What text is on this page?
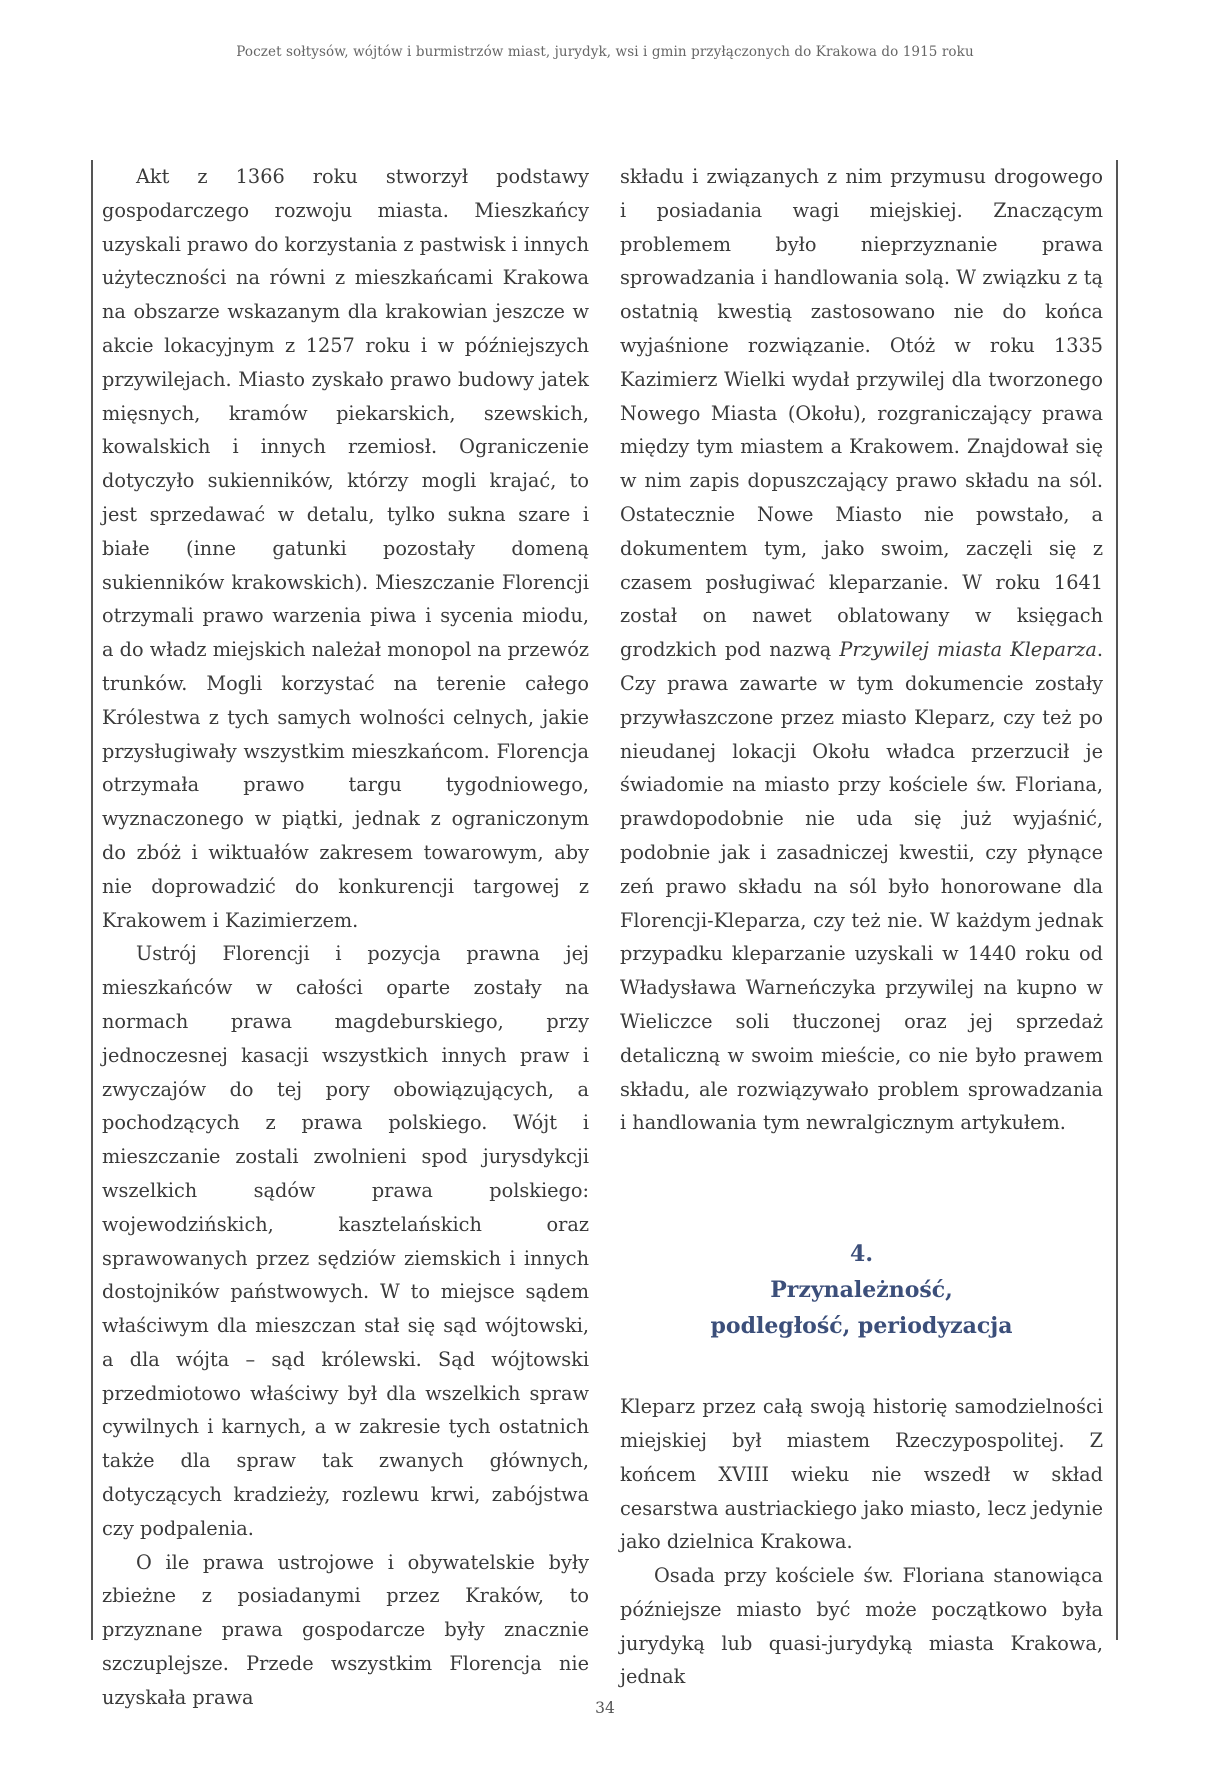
Poczet sołtysów, wójtów i burmistrzów miast, jurydyk, wsi i gmin przyłączonych do Krakowa do 1915 roku

Akt z 1366 roku stworzył podstawy gospodarczego rozwoju miasta. Mieszkańcy uzyskali prawo do korzystania z pastwisk i innych użyteczności na równi z mieszkańcami Krakowa na obszarze wskazanym dla krakowian jeszcze w akcie lokacyjnym z 1257 roku i w późniejszych przywilejach. Miasto zyskało prawo budowy jatek mięsnych, kramów piekarskich, szewskich, kowalskich i innych rzemiosł. Ograniczenie dotyczyło sukienników, którzy mogli krajać, to jest sprzedawać w detalu, tylko sukna szare i białe (inne gatunki pozostały domeną sukienników krakowskich). Mieszczanie Florencji otrzymali prawo warzenia piwa i sycenia miodu, a do władz miejskich należał monopol na przewóz trunków. Mogli korzystać na terenie całego Królestwa z tych samych wolności celnych, jakie przysługiwały wszystkim mieszkańcom. Florencja otrzymała prawo targu tygodniowego, wyznaczonego w piątki, jednak z ograniczonym do zbóż i wiktuałów zakresem towarowym, aby nie doprowadzić do konkurencji targowej z Krakowem i Kazimierzem.

Ustrój Florencji i pozycja prawna jej mieszkańców w całości oparte zostały na normach prawa magdeburskiego, przy jednoczesnej kasacji wszystkich innych praw i zwyczajów do tej pory obowiązujących, a pochodzących z prawa polskiego. Wójt i mieszczanie zostali zwolnieni spod jurysdykcji wszelkich sądów prawa polskiego: wojewodzińskich, kasztelańskich oraz sprawowanych przez sędziów ziemskich i innych dostojników państwowych. W to miejsce sądem właściwym dla mieszczan stał się sąd wójtowski, a dla wójta – sąd królewski. Sąd wójtowski przedmiotowo właściwy był dla wszelkich spraw cywilnych i karnych, a w zakresie tych ostatnich także dla spraw tak zwanych głównych, dotyczących kradzieży, rozlewu krwi, zabójstwa czy podpalenia.

O ile prawa ustrojowe i obywatelskie były zbieżne z posiadanymi przez Kraków, to przyznane prawa gospodarcze były znacznie szczuplejsze. Przede wszystkim Florencja nie uzyskała prawa

składu i związanych z nim przymusu drogowego i posiadania wagi miejskiej. Znaczącym problemem było nieprzyznanie prawa sprowadzania i handlowania solą. W związku z tą ostatnią kwestią zastosowano nie do końca wyjaśnione rozwiązanie. Otóż w roku 1335 Kazimierz Wielki wydał przywilej dla tworzonego Nowego Miasta (Okołu), rozgraniczający prawa między tym miastem a Krakowem. Znajdował się w nim zapis dopuszczający prawo składu na sól. Ostatecznie Nowe Miasto nie powstało, a dokumentem tym, jako swoim, zaczęli się z czasem posługiwać kleparzanie. W roku 1641 został on nawet oblatowany w księgach grodzkich pod nazwą Przywilej miasta Kleparza. Czy prawa zawarte w tym dokumencie zostały przywłaszczone przez miasto Kleparz, czy też po nieudanej lokacji Okołu władca przerzucił je świadomie na miasto przy kościele św. Floriana, prawdopodobnie nie uda się już wyjaśnić, podobnie jak i zasadniczej kwestii, czy płynące zeń prawo składu na sól było honorowane dla Florencji-Kleparza, czy też nie. W każdym jednak przypadku kleparzanie uzyskali w 1440 roku od Władysława Warneńczyka przywilej na kupno w Wieliczce soli tłuczonej oraz jej sprzedaż detaliczną w swoim mieście, co nie było prawem składu, ale rozwiązywało problem sprowadzania i handlowania tym newralgicznym artykułem.

4.
Przynależność,
podległość, periodyzacja

Kleparz przez całą swoją historię samodzielności miejskiej był miastem Rzeczypospolitej. Z końcem XVIII wieku nie wszedł w skład cesarstwa austriackiego jako miasto, lecz jedynie jako dzielnica Krakowa.

Osada przy kościele św. Floriana stanowiąca późniejsze miasto być może początkowo była jurydyką lub quasi-jurydyką miasta Krakowa, jednak

34
